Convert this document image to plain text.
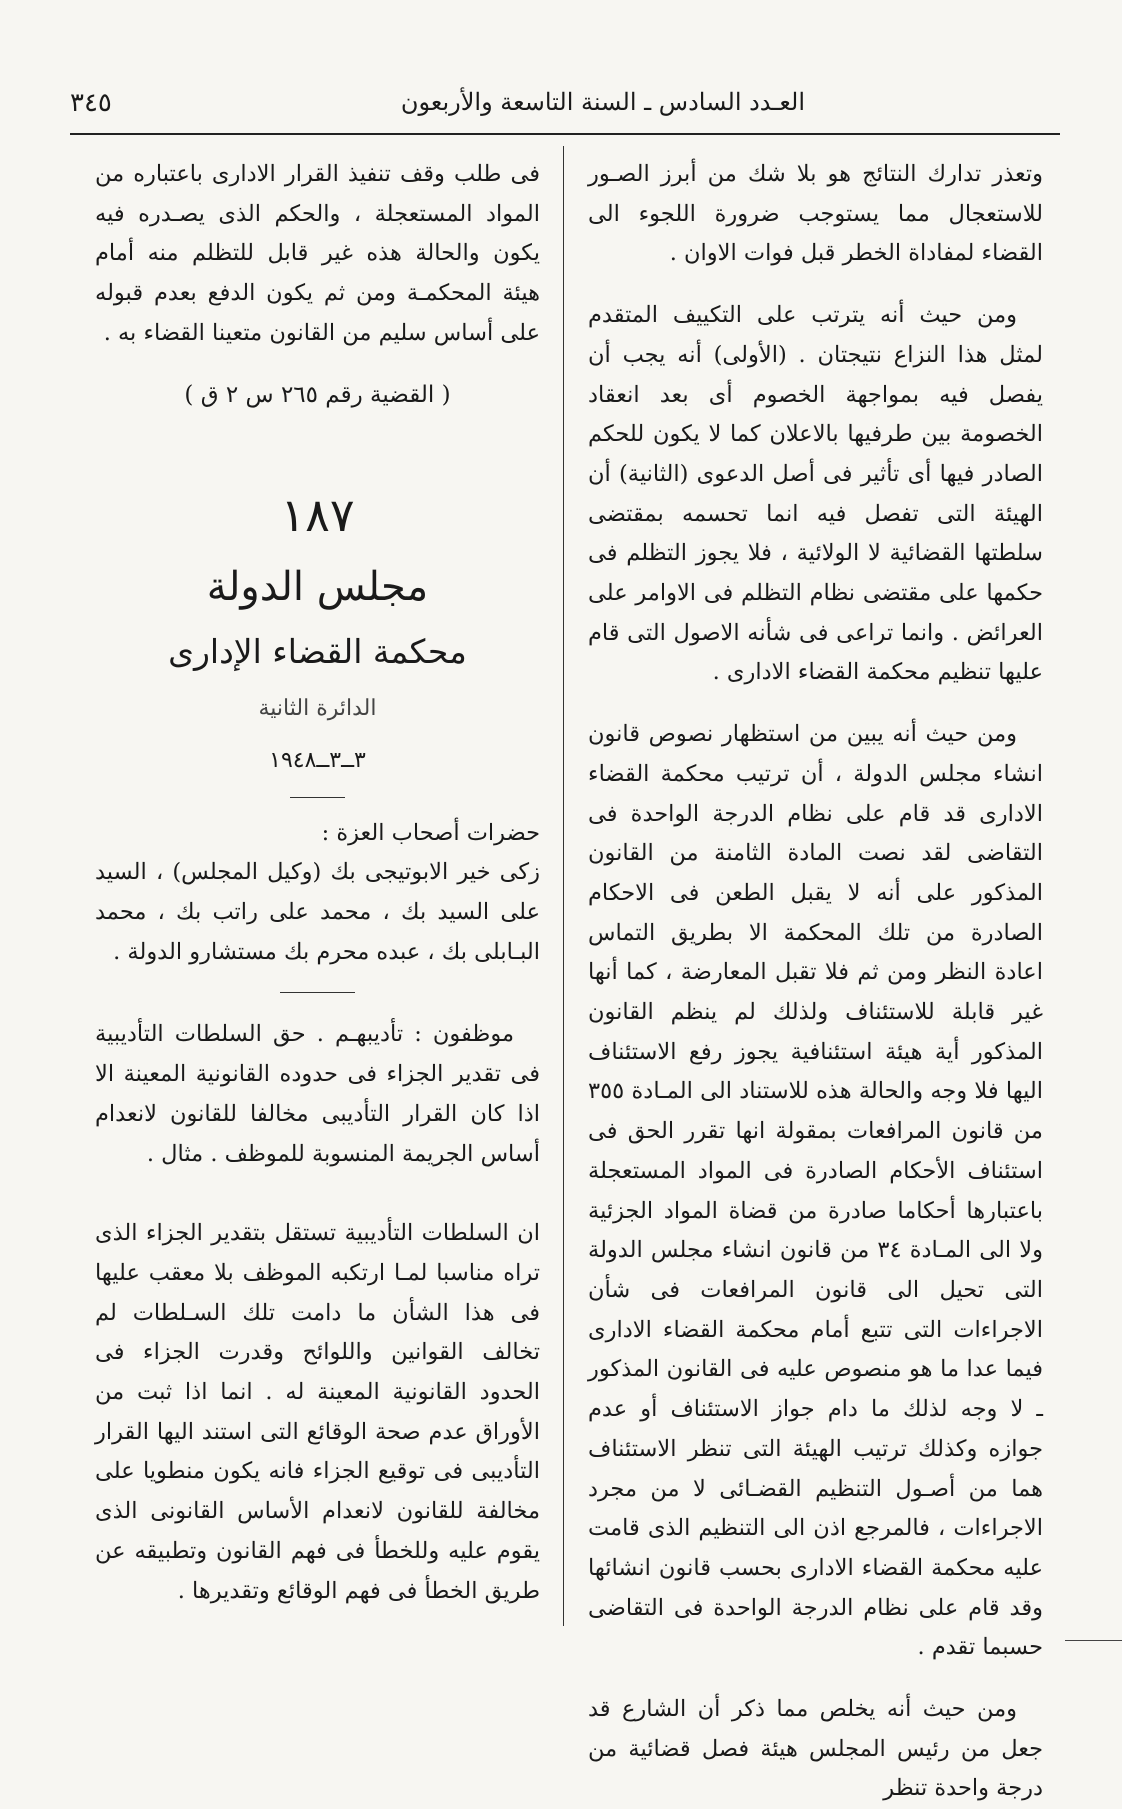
العـدد السادس ـ السنة التاسعة والأربعون
٣٤٥

وتعذر تدارك النتائج هو بلا شك من أبرز الصـور للاستعجال مما يستوجب ضرورة اللجوء الى القضاء لمفاداة الخطر قبل فوات الاوان .

ومن حيث أنه يترتب على التكييف المتقدم لمثل هذا النزاع نتيجتان . (الأولى) أنه يجب أن يفصل فيه بمواجهة الخصوم أى بعد انعقاد الخصومة بين طرفيها بالاعلان كما لا يكون للحكم الصادر فيها أى تأثير فى أصل الدعوى (الثانية) أن الهيئة التى تفصل فيه انما تحسمه بمقتضى سلطتها القضائية لا الولائية ، فلا يجوز التظلم فى حكمها على مقتضى نظام التظلم فى الاوامر على العرائض . وانما تراعى فى شأنه الاصول التى قام عليها تنظيم محكمة القضاء الادارى .

ومن حيث أنه يبين من استظهار نصوص قانون انشاء مجلس الدولة ، أن ترتيب محكمة القضاء الادارى قد قام على نظام الدرجة الواحدة فى التقاضى لقد نصت المادة الثامنة من القانون المذكور على أنه لا يقبل الطعن فى الاحكام الصادرة من تلك المحكمة الا بطريق التماس اعادة النظر ومن ثم فلا تقبل المعارضة ، كما أنها غير قابلة للاستئناف ولذلك لم ينظم القانون المذكور أية هيئة استئنافية يجوز رفع الاستئناف اليها فلا وجه والحالة هذه للاستناد الى المـادة ٣٥٥ من قانون المرافعات بمقولة انها تقرر الحق فى استئناف الأحكام الصادرة فى المواد المستعجلة باعتبارها أحكاما صادرة من قضاة المواد الجزئية ولا الى المـادة ٣٤ من قانون انشاء مجلس الدولة التى تحيل الى قانون المرافعات فى شأن الاجراءات التى تتبع أمام محكمة القضاء الادارى فيما عدا ما هو منصوص عليه فى القانون المذكور ـ لا وجه لذلك ما دام جواز الاستئناف أو عدم جوازه وكذلك ترتيب الهيئة التى تنظر الاستئناف هما من أصـول التنظيم القضـائى لا من مجرد الاجراءات ، فالمرجع اذن الى التنظيم الذى قامت عليه محكمة القضاء الادارى بحسب قانون انشائها وقد قام على نظام الدرجة الواحدة فى التقاضى حسبما تقدم .

ومن حيث أنه يخلص مما ذكر أن الشارع قد جعل من رئيس المجلس هيئة فصل قضائية من درجة واحدة تنظر

فى طلب وقف تنفيذ القرار الادارى باعتباره من المواد المستعجلة ، والحكم الذى يصـدره فيه يكون والحالة هذه غير قابل للتظلم منه أمام هيئة المحكمـة ومن ثم يكون الدفع بعدم قبوله على أساس سليم من القانون متعينا القضاء به .

( القضية رقم ٢٦٥ س ٢ ق )
١٨٧
مجلس الدولة
محكمة القضاء الإدارى
الدائرة الثانية
٣ــ٣ــ١٩٤٨

حضرات أصحاب العزة :

زكى خير الابوتيجى بك (وكيل المجلس) ، السيد على السيد بك ، محمد على راتب بك ، محمد البـابلى بك ، عبده محرم بك مستشارو الدولة .

موظفون : تأديبهـم . حق السلطات التأديبية فى تقدير الجزاء فى حدوده القانونية المعينة الا اذا كان القرار التأديبى مخالفا للقانون لانعدام أساس الجريمة المنسوبة للموظف . مثال .

ان السلطات التأديبية تستقل بتقدير الجزاء الذى تراه مناسبا لمـا ارتكبه الموظف بلا معقب عليها فى هذا الشأن ما دامت تلك السـلطات لم تخالف القوانين واللوائح وقدرت الجزاء فى الحدود القانونية المعينة له . انما اذا ثبت من الأوراق عدم صحة الوقائع التى استند اليها القرار التأديبى فى توقيع الجزاء فانه يكون منطويا على مخالفة للقانون لانعدام الأساس القانونى الذى يقوم عليه وللخطأ فى فهم القانون وتطبيقه عن طريق الخطأ فى فهم الوقائع وتقديرها .
